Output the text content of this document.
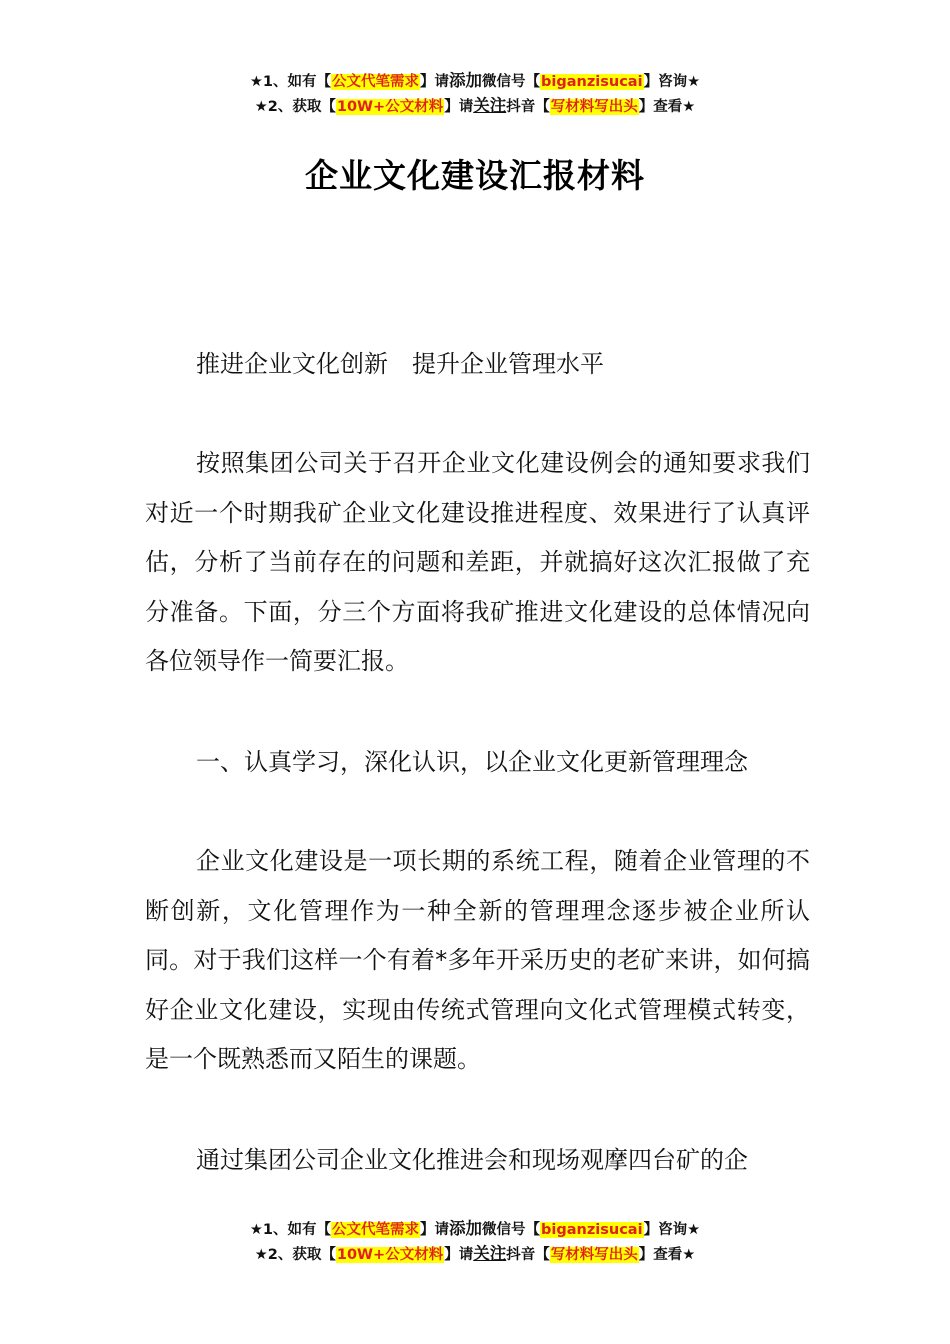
★1、如有【公文代笔需求】请添加微信号【biganzisucai】咨询★
★2、获取【10W+公文材料】请关注抖音【写材料写出头】查看★
企业文化建设汇报材料
推进企业文化创新　提升企业管理水平

按照集团公司关于召开企业文化建设例会的通知要求我们对近一个时期我矿企业文化建设推进程度、效果进行了认真评估，分析了当前存在的问题和差距，并就搞好这次汇报做了充分准备。下面，分三个方面将我矿推进文化建设的总体情况向各位领导作一简要汇报。

一、认真学习，深化认识，以企业文化更新管理理念

企业文化建设是一项长期的系统工程，随着企业管理的不断创新，文化管理作为一种全新的管理理念逐步被企业所认同。对于我们这样一个有着*多年开采历史的老矿来讲，如何搞好企业文化建设，实现由传统式管理向文化式管理模式转变，是一个既熟悉而又陌生的课题。

通过集团公司企业文化推进会和现场观摩四台矿的企

★1、如有【公文代笔需求】请添加微信号【biganzisucai】咨询★
★2、获取【10W+公文材料】请关注抖音【写材料写出头】查看★
